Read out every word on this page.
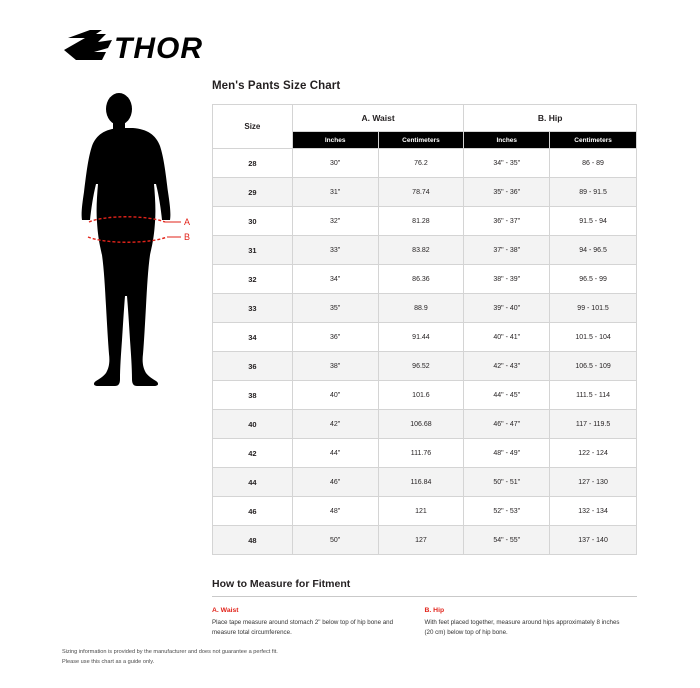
THOR
A
B
Men's Pants Size Chart
Size	A. Waist		B. Hip	
	Inches	Centimeters	Inches	Centimeters
28	30"	76.2	34" - 35"	86 - 89
29	31"	78.74	35" - 36"	89 - 91.5
30	32"	81.28	36" - 37"	91.5 - 94
31	33"	83.82	37" - 38"	94 - 96.5
32	34"	86.36	38" - 39"	96.5 - 99
33	35"	88.9	39" - 40"	99 - 101.5
34	36"	91.44	40" - 41"	101.5 - 104
36	38"	96.52	42" - 43"	106.5 - 109
38	40"	101.6	44" - 45"	111.5 - 114
40	42"	106.68	46" - 47"	117 - 119.5
42	44"	111.76	48" - 49"	122 - 124
44	46"	116.84	50" - 51"	127 - 130
46	48"	121	52" - 53"	132 - 134
48	50"	127	54" - 55"	137 - 140
How to Measure for Fitment
A. Waist

Place tape measure around stomach 2" below top of hip bone and measure total circumference.

B. Hip

With feet placed together, measure around hips approximately 8 inches (20 cm) below top of hip bone.

Sizing information is provided by the manufacturer and does not guarantee a perfect fit.
Please use this chart as a guide only.
